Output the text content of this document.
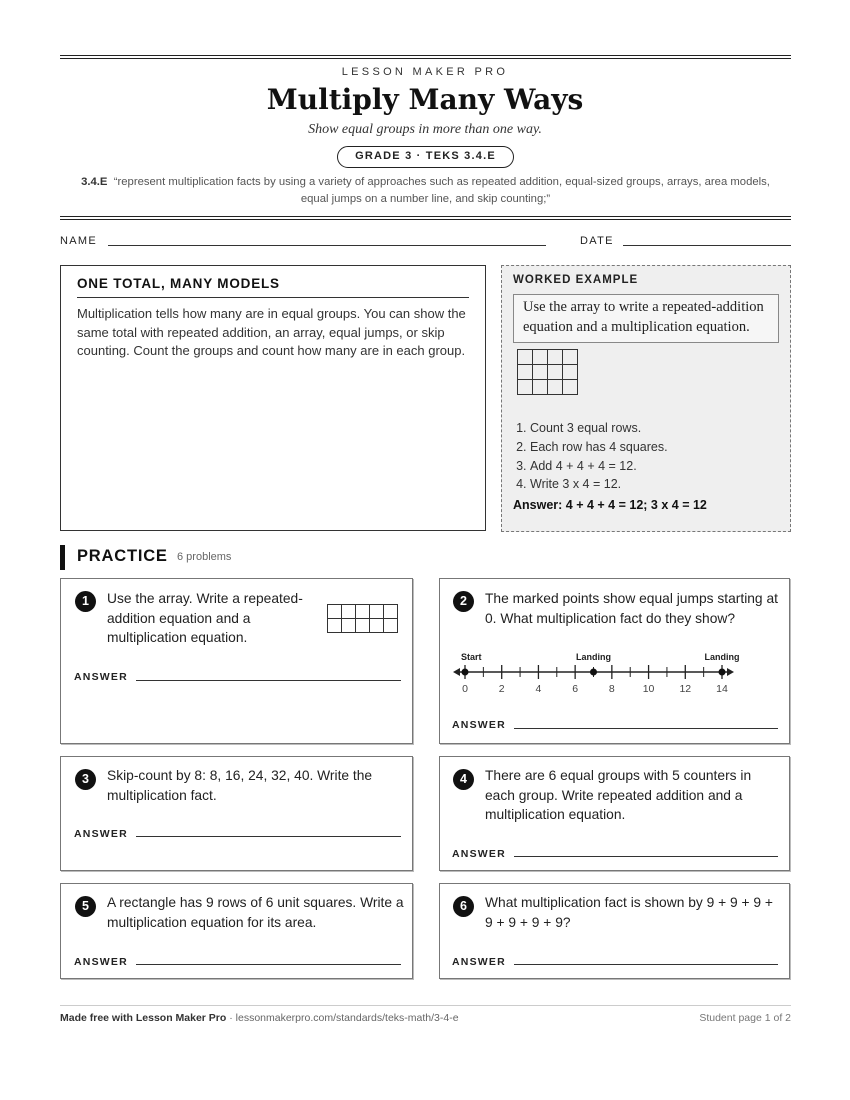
LESSON MAKER PRO
Multiply Many Ways
Show equal groups in more than one way.
GRADE 3 · TEKS 3.4.E
3.4.E “represent multiplication facts by using a variety of approaches such as repeated addition, equal-sized groups, arrays, area models, equal jumps on a number line, and skip counting;”
NAME	DATE
ONE TOTAL, MANY MODELS

Multiplication tells how many are in equal groups. You can show the same total with repeated addition, an array, equal jumps, or skip counting. Count the groups and count how many are in each group.

WORKED EXAMPLE
Use the array to write a repeated-addition equation and a multiplication equation.

1. Count 3 equal rows.
2. Each row has 4 squares.
3. Add 4 + 4 + 4 = 12.
4. Write 3 x 4 = 12.
Answer: 4 + 4 + 4 = 12; 3 x 4 = 12
PRACTICE 6 problems
1	Use the array. Write a repeated-addition equation and a multiplication equation.

ANSWER
2	The marked points show equal jumps starting at 0. What multiplication fact do they show?
0	2	4	6	8	10 12 14
Start	Landing	Landing
ANSWER
3	Skip-count by 8: 8, 16, 24, 32, 40. Write the multiplication fact.
ANSWER
4	There are 6 equal groups with 5 counters in each group. Write repeated addition and a multiplication equation.
ANSWER
5	A rectangle has 9 rows of 6 unit squares. Write a multiplication equation for its area.
ANSWER
6	What multiplication fact is shown by 9 + 9 + 9 + 9 + 9 + 9 + 9?
ANSWER
Made free with Lesson Maker Pro · lessonmakerpro.com/standards/teks-math/3-4-e	Student page 1 of 2
